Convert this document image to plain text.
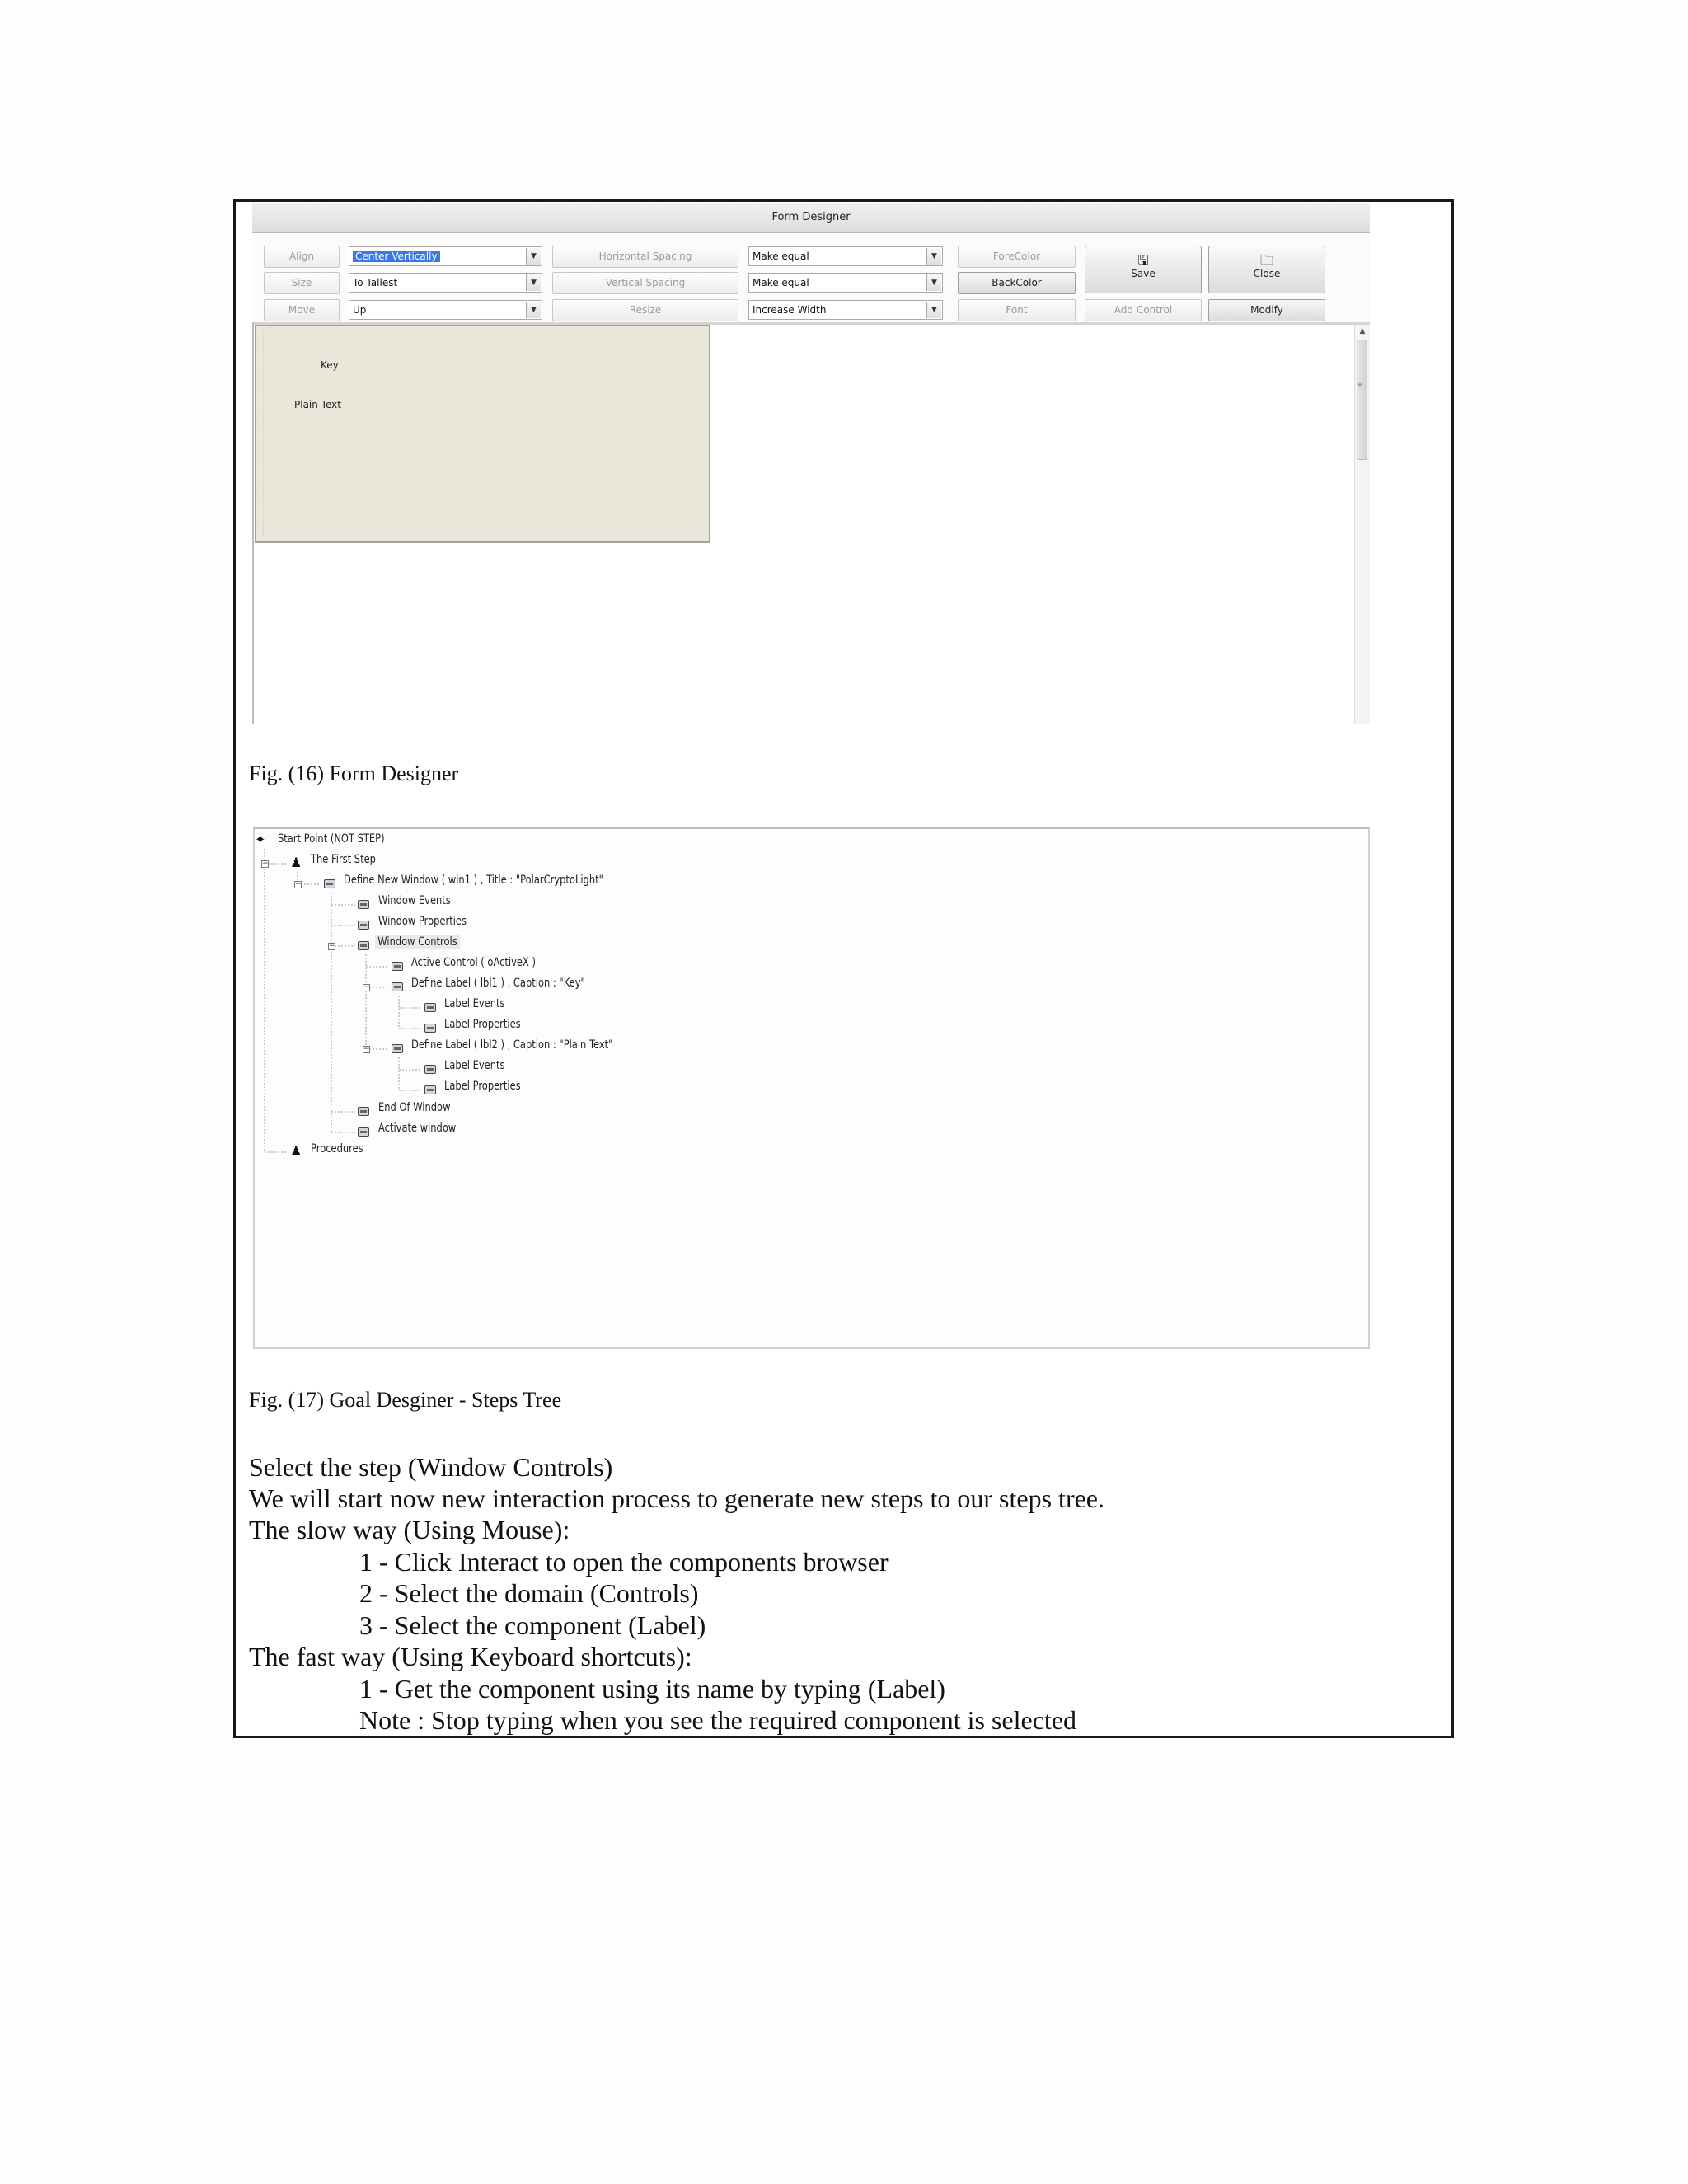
Form Designer
Align	Center Vertically	▼	Horizontal Spacing	Make equal	▼	ForeColor
Size	To Tallest	▼	Vertical Spacing	Make equal	▼	BackColor
Move	Up	▼	Resize	Increase Width	▼	Font	Add Control	Modify
🖫
Save
🗀
Close
Key
Plain Text
▲
≡
Fig. (16) Form Designer
−
−
−
−
−
✦
♟
♟
Start Point (NOT STEP)
The First Step
Define New Window ( win1 ) , Title : "PolarCryptoLight"
Window Events
Window Properties
Window Controls
Active Control ( oActiveX )
Define Label ( lbl1 ) , Caption : "Key"
Label Events
Label Properties
Define Label ( lbl2 ) , Caption : "Plain Text"
Label Events
Label Properties
End Of Window
Activate window
Procedures
Fig. (17) Goal Desginer - Steps Tree
Select the step (Window Controls)
We will start now new interaction process to generate new steps to our steps tree.
The slow way (Using Mouse):
1 - Click Interact to open the components browser
2 - Select the domain (Controls)
3 - Select the component (Label)
The fast way (Using Keyboard shortcuts):
1 - Get the component using its name by typing (Label)
Note : Stop typing when you see the required component is selected
